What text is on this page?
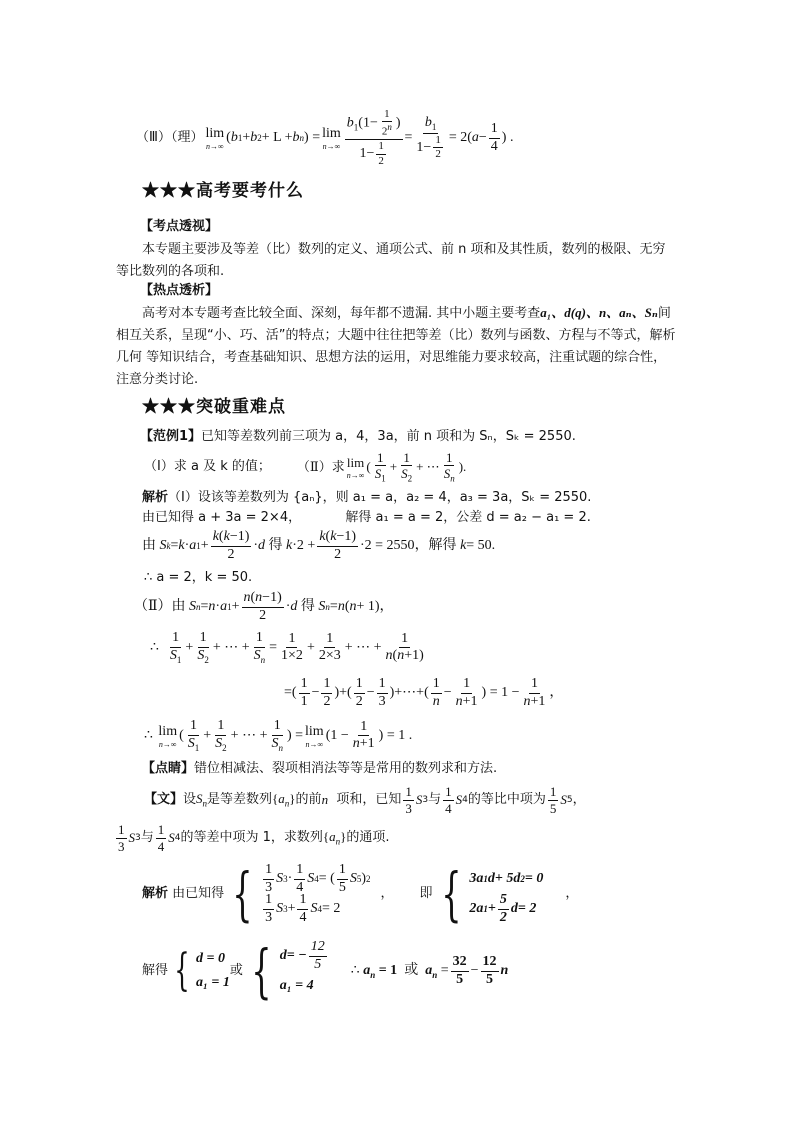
（Ⅲ）（理） lim
n→∞
( b 1 + b 2 + L + b n ) = lim
$n\to\infty \frac{b_1(1- \frac{1}{2^n} )}{1- \frac{1}{2}} = \frac{b_1}{1- \frac{1}{2}} = 2$( $a - \frac{1}{4}$ ) .
★★★高考要考什么
【考点透视】

本专题主要涉及等差（比）数列的定义、通项公式、前 n 项和及其性质，数列的极限、无穷等比数列的各项和.

【热点透析】

高考对本专题考查比较全面、深刻，每年都不遗漏. 其中小题主要考查a₁、d(q)、n、aₙ、Sₙ间相互关系，呈现“小、巧、活”的特点；大题中往往把等差（比）数列与函数、方程与不等式，解析几何 等知识结合，考查基础知识、思想方法的运用，对思维能力要求较高，注重试题的综合性，注意分类讨论.

★★★突破重难点
【范例1】已知等差数列前三项为 a，4，3a，前 n 项和为 Sₙ，Sₖ = 2550.
（Ⅰ）求 a 及 k 的值； （Ⅱ）求 lim
n→∞
( $\frac{1}{S_1} + \frac{1}{S_2}$ + ⋯ $\frac{1}{S_n}$ ).
解析（Ⅰ）设该等差数列为 {aₙ}，则 a₁ = a，a₂ = 4，a₃ = 3a，Sₖ = 2550.
由已知得 a + 3a = 2×4，	解得 a₁ = a = 2，公差 d = a₂ − a₁ = 2.
由
S k = k · a $1 + \frac{k(k-1)}{2} \cdot d$
得
$k \cdot 2 + \frac{k(k-1)}{2} \cdot 2 = 2550$ ，解得
k = 50.
∴ a = 2，k = 50.
（Ⅱ）由
S n = n · a $1 + \frac{n(n-1)}{2} \cdot d$
得
S n = n ( n + 1)，
∴ $\frac{1}{S_1} + \frac{1}{S_2}$ + ⋯ + $\frac{1}{S_n} = \frac{1}{1\times 2} + \frac{1}{2\times 3}$ + ⋯ + $\frac{1}{n(n+1)}$
=( $\frac{1}{1} - \frac{1}{2}$ )+( $\frac{1}{2} - \frac{1}{3}$ )+⋯+( $\frac{1}{n} - \frac{1}{n+1}$ ) = $1 - \frac{1}{n+1}$ ，
∴ lim
n→∞
( $\frac{1}{S_1} + \frac{1}{S_2}$ + ⋯ + $\frac{1}{S_n}$ ) = lim
n→∞
($1 - \frac{1}{n+1}$ ) = 1 .
【点睛】错位相减法、裂项相消法等等是常用的数列求和方法.
【文】 设 $S_n$ 是等差数列 $\{a_n\}$ 的前 n 项和，已知 $\frac{1}{3}$ S 3 与 $\frac{1}{4}$ S 4 的等比中项为 $\frac{1}{5}$ S 5 ，
$\frac{1}{3}$ S 3 与 $\frac{1}{4}$ S 4 的等差中项为 1，求数列 $\{a_n\}$ 的通项.
解析
由已知得 { $\frac{1}{3}$ S $3 \cdot \frac{1}{4}$ S 4 = ( $\frac{1}{5}$ S 5 ) 2
$\frac{1}{3}$ S $3 + \frac{1}{4}$ S 4 = 2
， 即 { 3 a 1 d + 5 d 2 = 0
2 a $1 + \frac{5}{2}$ d = 2
，
解得 { d = 0
a₁ = 1
或 { d = − $\frac{12}{5}$
a₁ = 4
∴ $a_n = 1$
或
$a_n = \frac{32}{5} - \frac{12}{5}$ n
